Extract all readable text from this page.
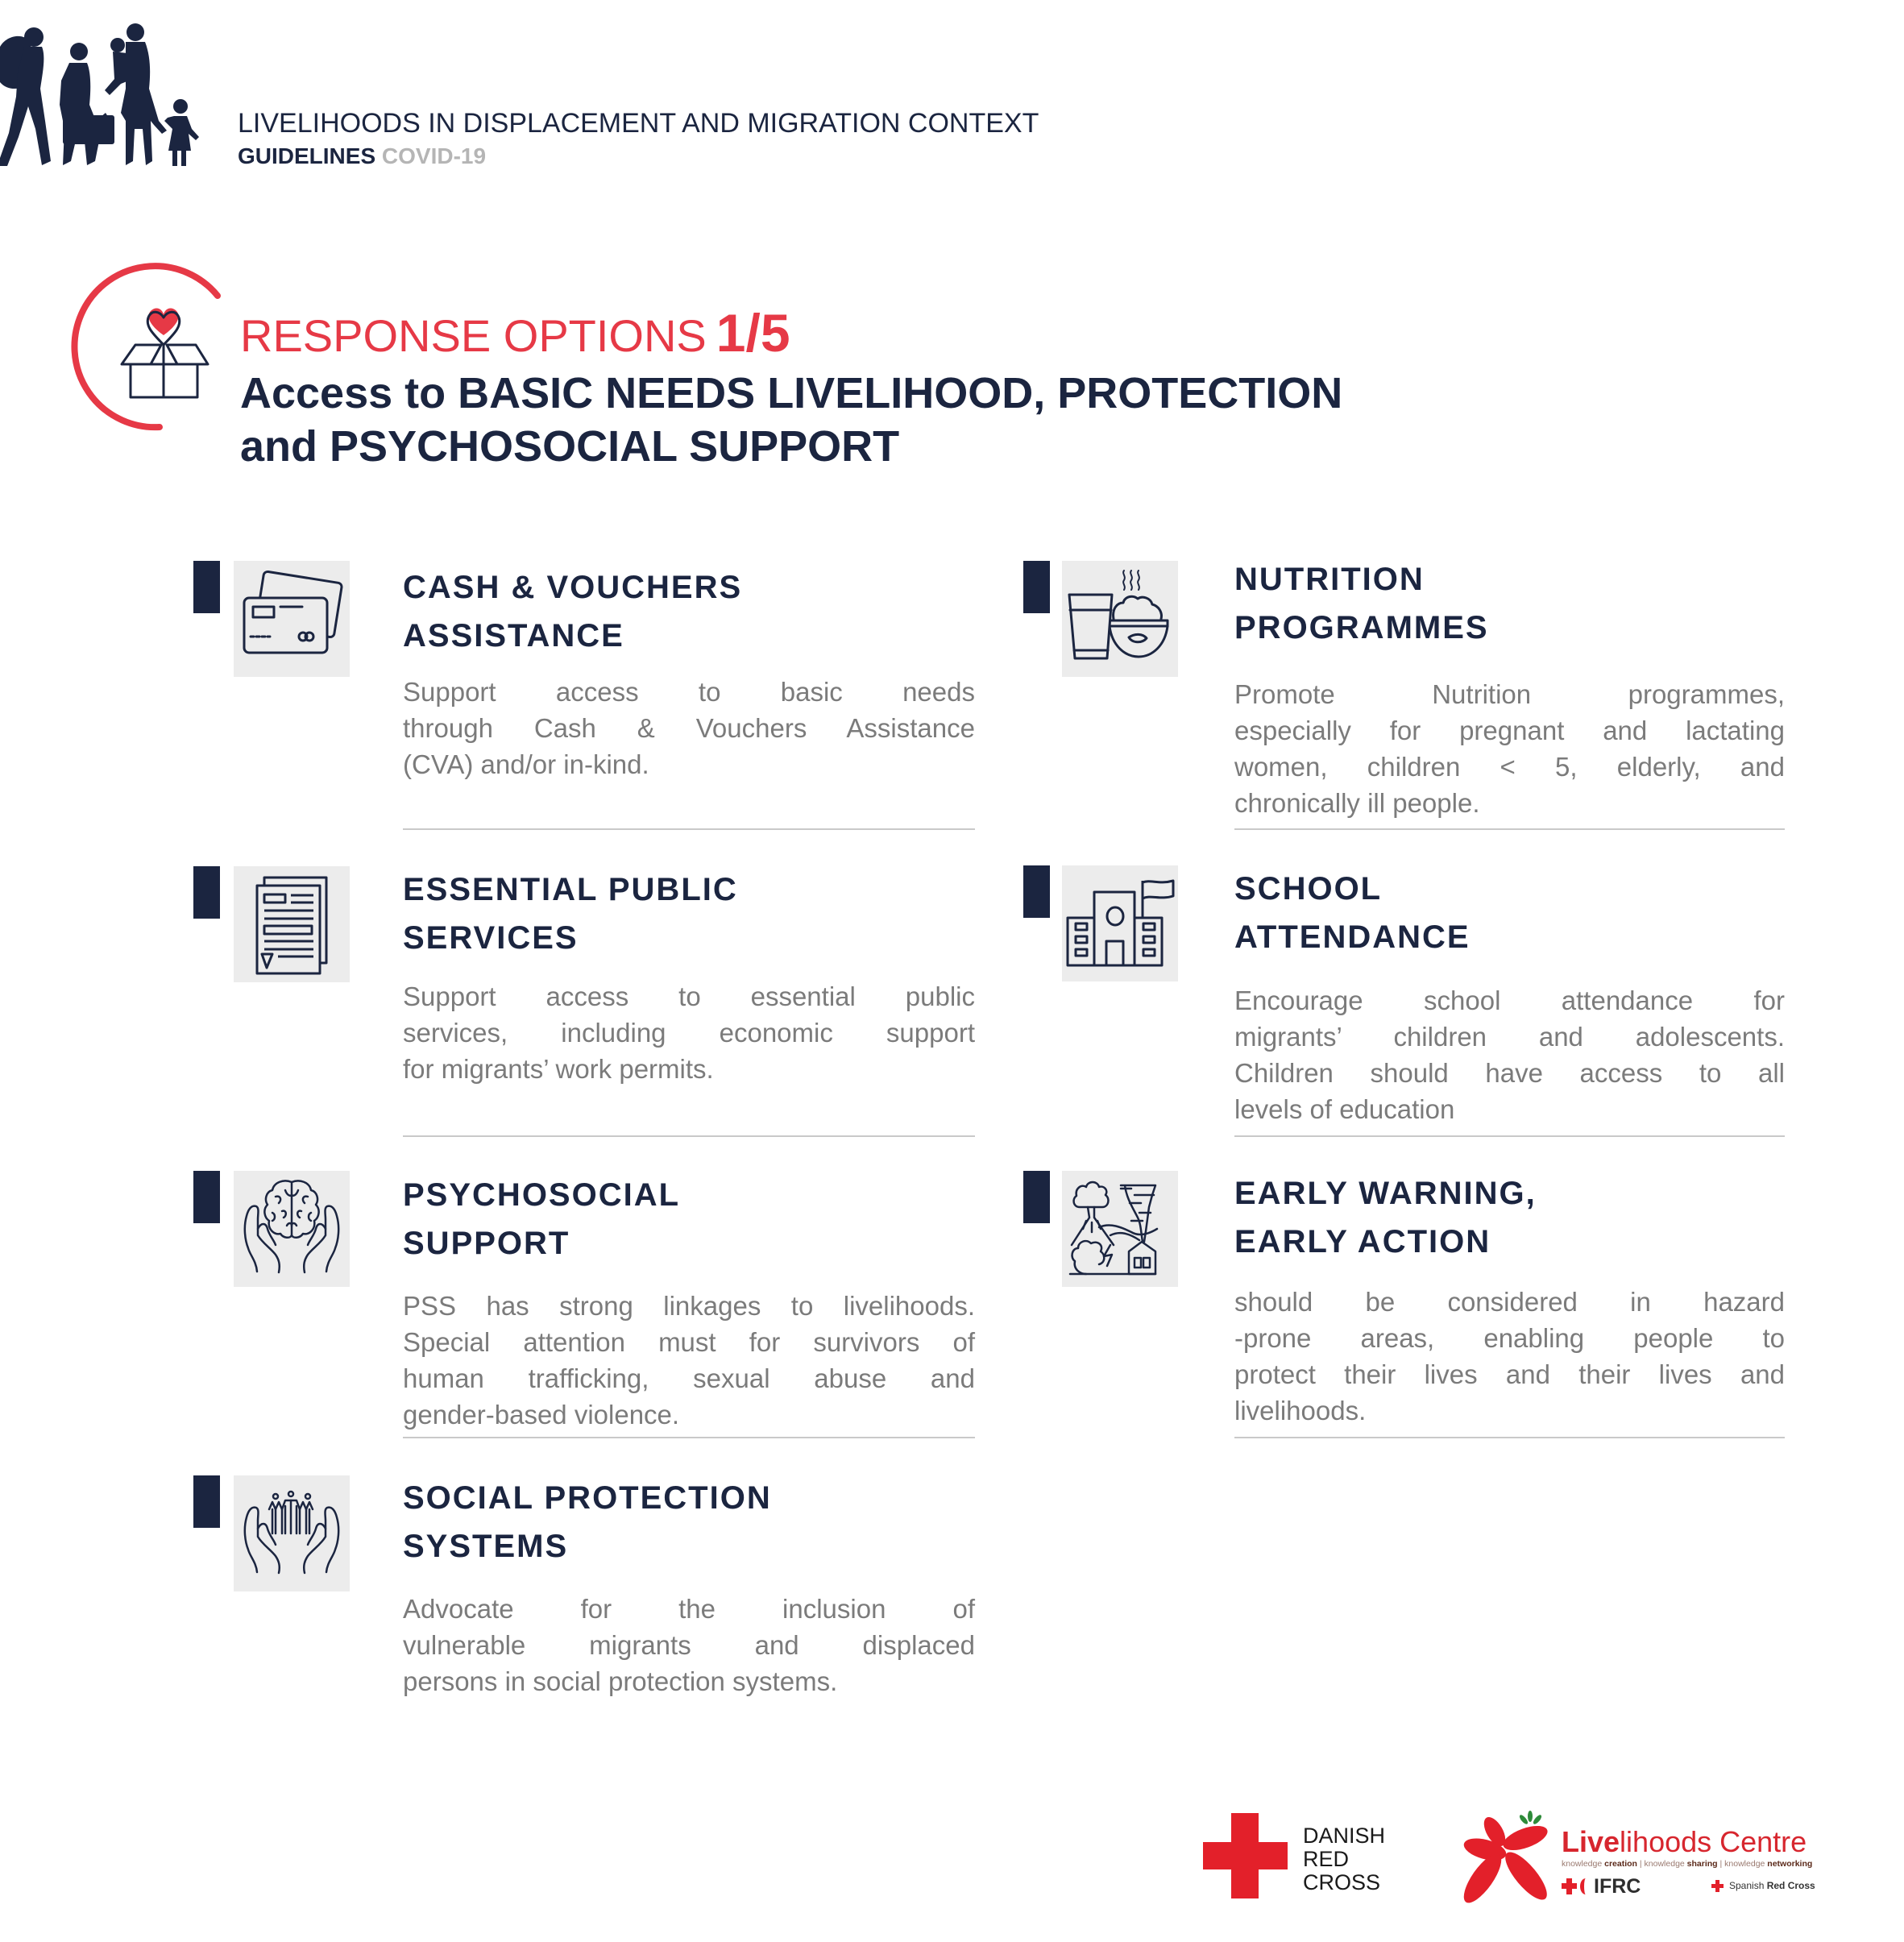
LIVELIHOODS IN DISPLACEMENT AND MIGRATION CONTEXT
GUIDELINES COVID-19
RESPONSE OPTIONS 1/5
Access to BASIC NEEDS LIVELIHOOD, PROTECTION
and PSYCHOSOCIAL SUPPORT
CASH & VOUCHERS
ASSISTANCE
Support access to basic needs
through Cash & Vouchers Assistance
(CVA) and/or in-kind.
ESSENTIAL PUBLIC
SERVICES
Support access to essential public
services, including economic support
for migrants’ work permits.
PSYCHOSOCIAL
SUPPORT
PSS has strong linkages to livelihoods.
Special attention must for survivors of
human trafficking, sexual abuse and
gender-based violence.
SOCIAL PROTECTION
SYSTEMS
Advocate for the inclusion of
vulnerable migrants and displaced
persons in social protection systems.
NUTRITION
PROGRAMMES
Promote Nutrition programmes,
especially for pregnant and lactating
women, children < 5, elderly, and
chronically ill people.
SCHOOL
ATTENDANCE
Encourage school attendance for
migrants’ children and adolescents.
Children should have access to all
levels of education
EARLY WARNING,
EARLY ACTION
should be considered in hazard
-prone areas, enabling people to
protect their lives and their lives and
livelihoods.
DANISH
RED
CROSS
Livelihoods Centre
knowledge creation | knowledge sharing | knowledge networking
IFRC	Spanish Red Cross
